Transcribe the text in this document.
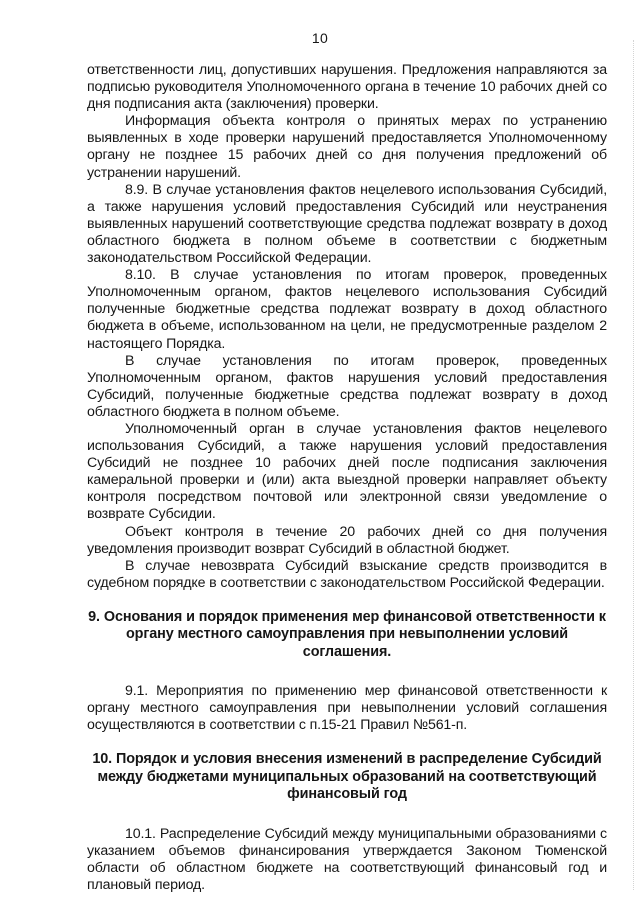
10

ответственности лиц, допустивших нарушения. Предложения направляются за подписью руководителя Уполномоченного органа в течение 10 рабочих дней со дня подписания акта (заключения) проверки.

Информация объекта контроля о принятых мерах по устранению выявленных в ходе проверки нарушений предоставляется Уполномоченному органу не позднее 15 рабочих дней со дня получения предложений об устранении нарушений.

8.9. В случае установления фактов нецелевого использования Субсидий, а также нарушения условий предоставления Субсидий или неустранения выявленных нарушений соответствующие средства подлежат возврату в доход областного бюджета в полном объеме в соответствии с бюджетным законодательством Российской Федерации.

8.10. В случае установления по итогам проверок, проведенных Уполномоченным органом, фактов нецелевого использования Субсидий полученные бюджетные средства подлежат возврату в доход областного бюджета в объеме, использованном на цели, не предусмотренные разделом 2 настоящего Порядка.

В случае установления по итогам проверок, проведенных Уполномоченным органом, фактов нарушения условий предоставления Субсидий, полученные бюджетные средства подлежат возврату в доход областного бюджета в полном объеме.

Уполномоченный орган в случае установления фактов нецелевого использования Субсидий, а также нарушения условий предоставления Субсидий не позднее 10 рабочих дней после подписания заключения камеральной проверки и (или) акта выездной проверки направляет объекту контроля посредством почтовой или электронной связи уведомление о возврате Субсидии.

Объект контроля в течение 20 рабочих дней со дня получения уведомления производит возврат Субсидий в областной бюджет.

В случае невозврата Субсидий взыскание средств производится в судебном порядке в соответствии с законодательством Российской Федерации.

9. Основания и порядок применения мер финансовой ответственности к органу местного самоуправления при невыполнении условий соглашения.

9.1. Мероприятия по применению мер финансовой ответственности к органу местного самоуправления при невыполнении условий соглашения осуществляются в соответствии с п.15-21 Правил №561-п.

10. Порядок и условия внесения изменений в распределение Субсидий между бюджетами муниципальных образований на соответствующий финансовый год

10.1. Распределение Субсидий между муниципальными образованиями с указанием объемов финансирования утверждается Законом Тюменской области об областном бюджете на соответствующий финансовый год и плановый период.
